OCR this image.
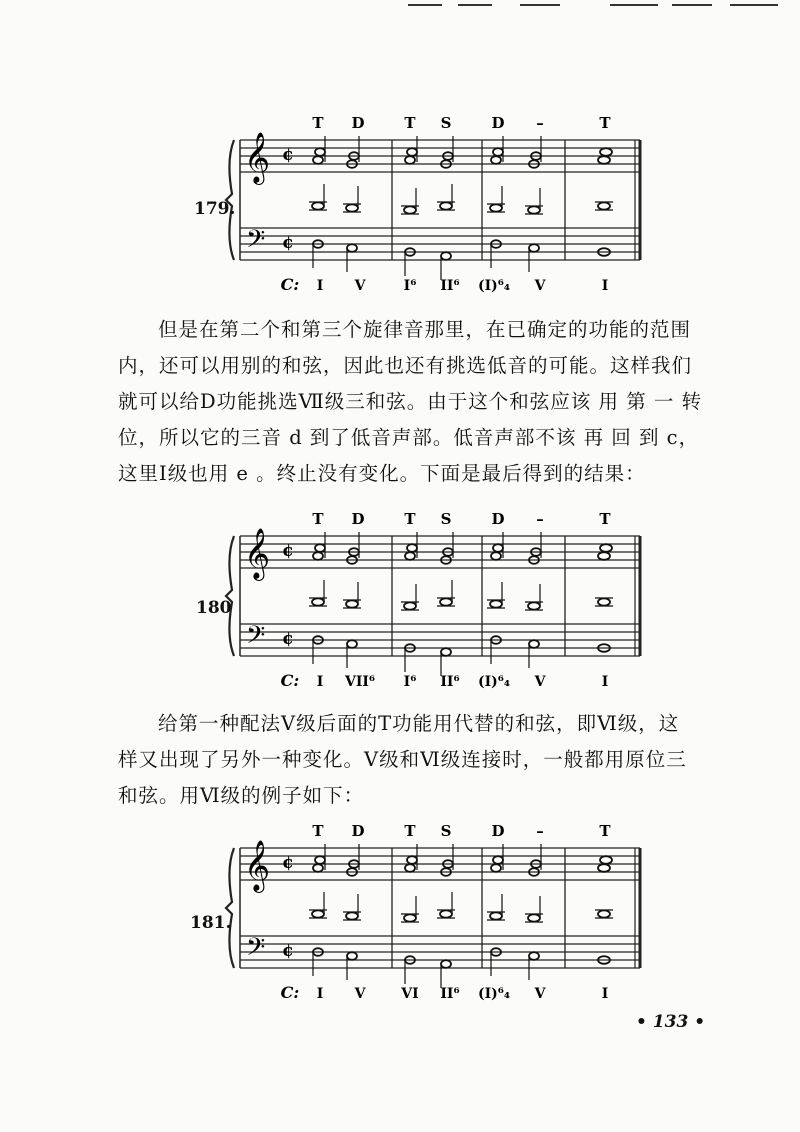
T D	T S	D –	T
𝄞
𝄢
¢
¢
C: I V	I⁶ II⁶ (I)⁶₄ V	I
179.
但是在第二个和第三个旋律音那里，在已确定的功能的范围
内，还可以用别的和弦，因此也还有挑选低音的可能。这样我们
就可以给D功能挑选Ⅶ级三和弦。由于这个和弦应该 用 第 一 转
位，所以它的三音 d 到了低音声部。低音声部不该 再 回 到 c，
这里Ⅰ级也用 e 。终止没有变化。下面是最后得到的结果：
T D	T S	D –	T
𝄞
𝄢
¢
¢
C: I VII⁶ I⁶ II⁶ (I)⁶₄ V	I
180
给第一种配法Ⅴ级后面的T功能用代替的和弦，即Ⅵ级，这
样又出现了另外一种变化。Ⅴ级和Ⅵ级连接时，一般都用原位三
和弦。用Ⅵ级的例子如下：
T D	T S	D –	T
𝄞
𝄢
¢
¢
C: I V	VI II⁶ (I)⁶₄ V	I
181.
• 133 •
